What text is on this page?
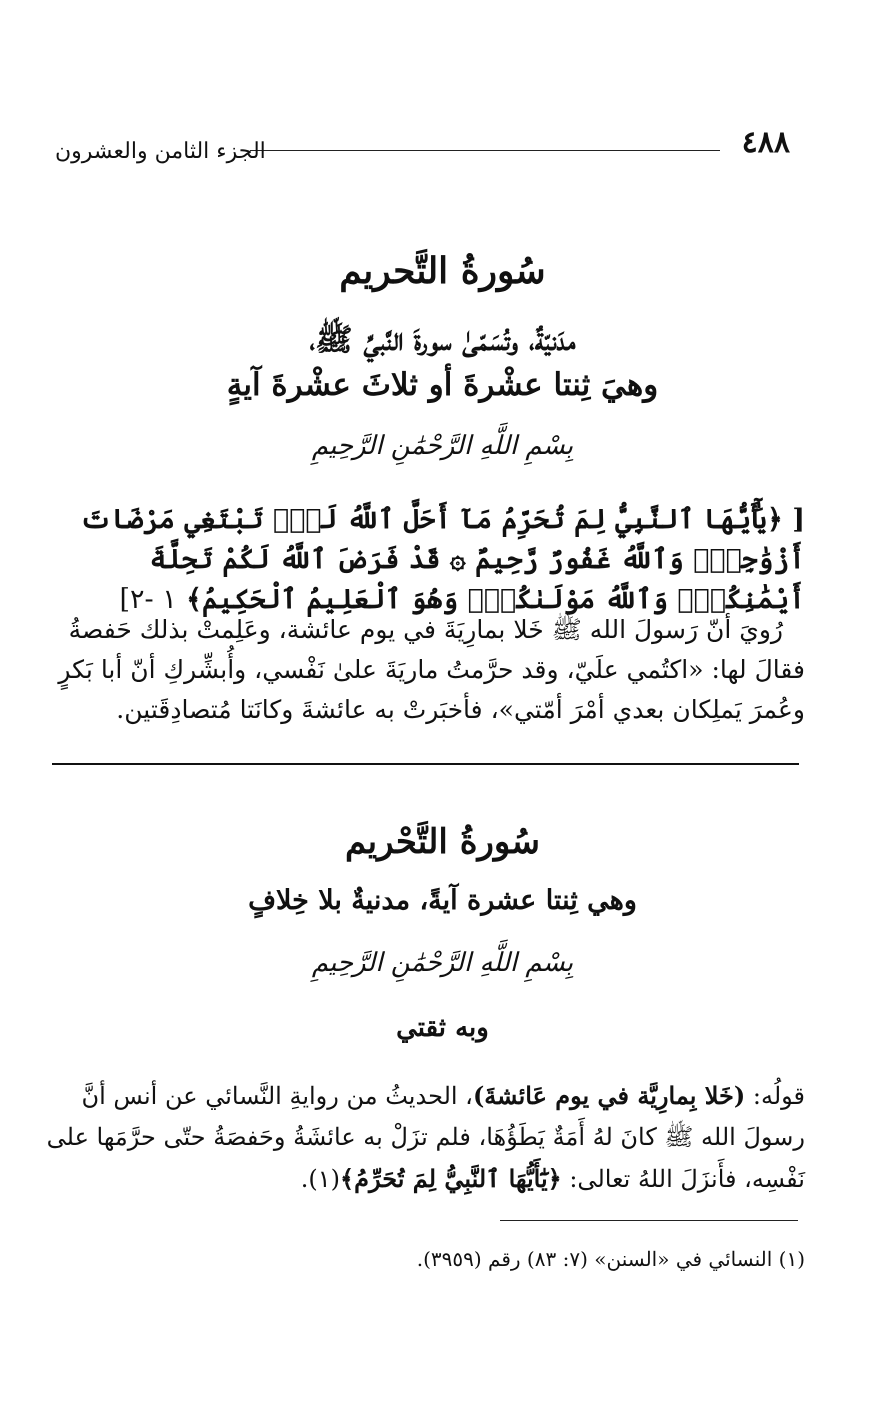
٤٨٨
الجزء الثامن والعشرون
سُورةُ التَّحريم
مدَنيّةٌ، وتُسَمّىٰ سورةَ النَّبيِّ ﷺ،
وهيَ ثِنتا عشْرةَ أو ثلاثَ عشْرةَ آيةٍ
بِسْمِ اللَّهِ الرَّحْمَٰنِ الرَّحِيمِ
[ ﴿يَٰٓأَيُّهَا ٱلنَّبِيُّ لِمَ تُحَرِّمُ مَآ أَحَلَّ ٱللَّهُ لَكَۖ تَبْتَغِي مَرْضَاتَ أَزْوَٰجِكَۚ وَٱللَّهُ غَفُورٌ رَّحِيمٌ ۞ قَدْ فَرَضَ ٱللَّهُ لَكُمْ تَحِلَّةَ أَيْمَٰنِكُمْۚ وَٱللَّهُ مَوْلَىٰكُمْۖ وَهُوَ ٱلْعَلِيمُ ٱلْحَكِيمُ﴾ ١ -٢]
رُويَ أنّ رَسولَ الله ﷺ خَلا بمارِيَةَ في يوم عائشة، وعَلِمتْ بذلك حَفصةُ فقالَ لها: «اكتُمي علَيّ، وقد حرَّمتُ ماريَةَ علىٰ نَفْسي، وأُبشِّركِ أنّ أبا بَكرٍ وعُمرَ يَملِكان بعدي أمْرَ أمّتي»، فأخبَرتْ به عائشةَ وكانَتا مُتصادِقَتين.
سُورةُ التَّحْريم
وهي ثِنتا عشرة آيةً، مدنيةٌ بلا خِلافٍ
بِسْمِ اللَّهِ الرَّحْمَٰنِ الرَّحِيمِ
وبه ثقتي
قولُه: (خَلا بِمارِيَّة في يوم عَائشةَ)، الحديثُ من روايةِ النَّسائي عن أنس أنَّ رسولَ الله ﷺ كانَ لهُ أَمَةٌ يَطَؤُهَا، فلم تزَلْ به عائشَةُ وحَفصَةُ حتّى حرَّمَها على نَفْسِه، فأَنزَلَ اللهُ تعالى: ﴿يَٰٓأَيُّهَا ٱلنَّبِيُّ لِمَ تُحَرِّمُ﴾(١).
(١) النسائي في «السنن» (٧: ٨٣) رقم (٣٩٥٩).
